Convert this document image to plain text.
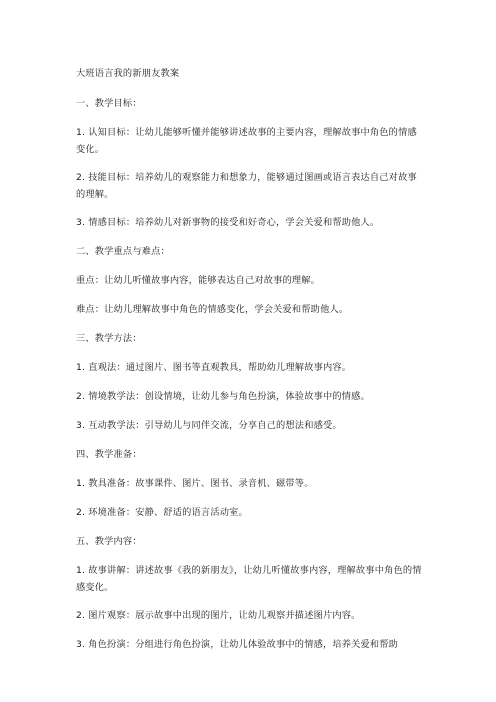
大班语言我的新朋友教案

一、教学目标：

1. 认知目标：让幼儿能够听懂并能够讲述故事的主要内容，理解故事中角色的情感变化。

2. 技能目标：培养幼儿的观察能力和想象力，能够通过图画或语言表达自己对故事的理解。

3. 情感目标：培养幼儿对新事物的接受和好奇心，学会关爱和帮助他人。

二、教学重点与难点：

重点：让幼儿听懂故事内容，能够表达自己对故事的理解。

难点：让幼儿理解故事中角色的情感变化，学会关爱和帮助他人。

三、教学方法：

1. 直观法：通过图片、图书等直观教具，帮助幼儿理解故事内容。

2. 情境教学法：创设情境，让幼儿参与角色扮演，体验故事中的情感。

3. 互动教学法：引导幼儿与同伴交流，分享自己的想法和感受。

四、教学准备：

1. 教具准备：故事课件、图片、图书、录音机、磁带等。

2. 环境准备：安静、舒适的语言活动室。

五、教学内容：

1. 故事讲解：讲述故事《我的新朋友》，让幼儿听懂故事内容，理解故事中角色的情感变化。

2. 图片观察：展示故事中出现的图片，让幼儿观察并描述图片内容。

3. 角色扮演：分组进行角色扮演，让幼儿体验故事中的情感，培养关爱和帮助
